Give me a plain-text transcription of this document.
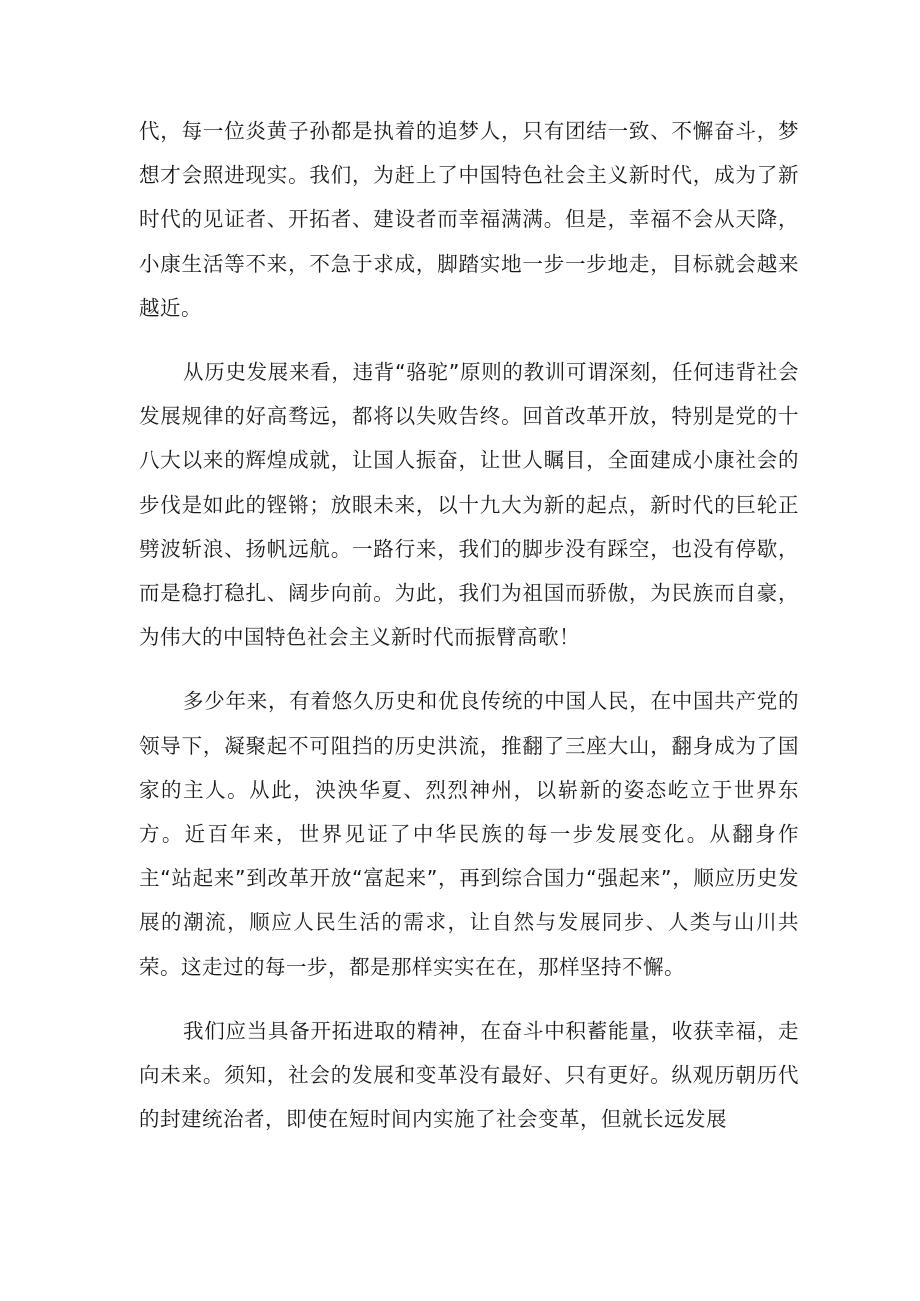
代，每一位炎黄子孙都是执着的追梦人，只有团结一致、不懈奋斗，梦想才会照进现实。我们，为赶上了中国特色社会主义新时代，成为了新时代的见证者、开拓者、建设者而幸福满满。但是，幸福不会从天降，小康生活等不来，不急于求成，脚踏实地一步一步地走，目标就会越来越近。

从历史发展来看，违背“骆驼”原则的教训可谓深刻，任何违背社会发展规律的好高骛远，都将以失败告终。回首改革开放，特别是党的十八大以来的辉煌成就，让国人振奋，让世人瞩目，全面建成小康社会的步伐是如此的铿锵；放眼未来，以十九大为新的起点，新时代的巨轮正劈波斩浪、扬帆远航。一路行来，我们的脚步没有踩空，也没有停歇，而是稳打稳扎、阔步向前。为此，我们为祖国而骄傲，为民族而自豪，为伟大的中国特色社会主义新时代而振臂高歌！

多少年来，有着悠久历史和优良传统的中国人民，在中国共产党的领导下，凝聚起不可阻挡的历史洪流，推翻了三座大山，翻身成为了国家的主人。从此，泱泱华夏、烈烈神州，以崭新的姿态屹立于世界东方。近百年来，世界见证了中华民族的每一步发展变化。从翻身作主“站起来”到改革开放“富起来”，再到综合国力“强起来”，顺应历史发展的潮流，顺应人民生活的需求，让自然与发展同步、人类与山川共荣。这走过的每一步，都是那样实实在在，那样坚持不懈。

我们应当具备开拓进取的精神，在奋斗中积蓄能量，收获幸福，走向未来。须知，社会的发展和变革没有最好、只有更好。纵观历朝历代的封建统治者，即使在短时间内实施了社会变革，但就长远发展
